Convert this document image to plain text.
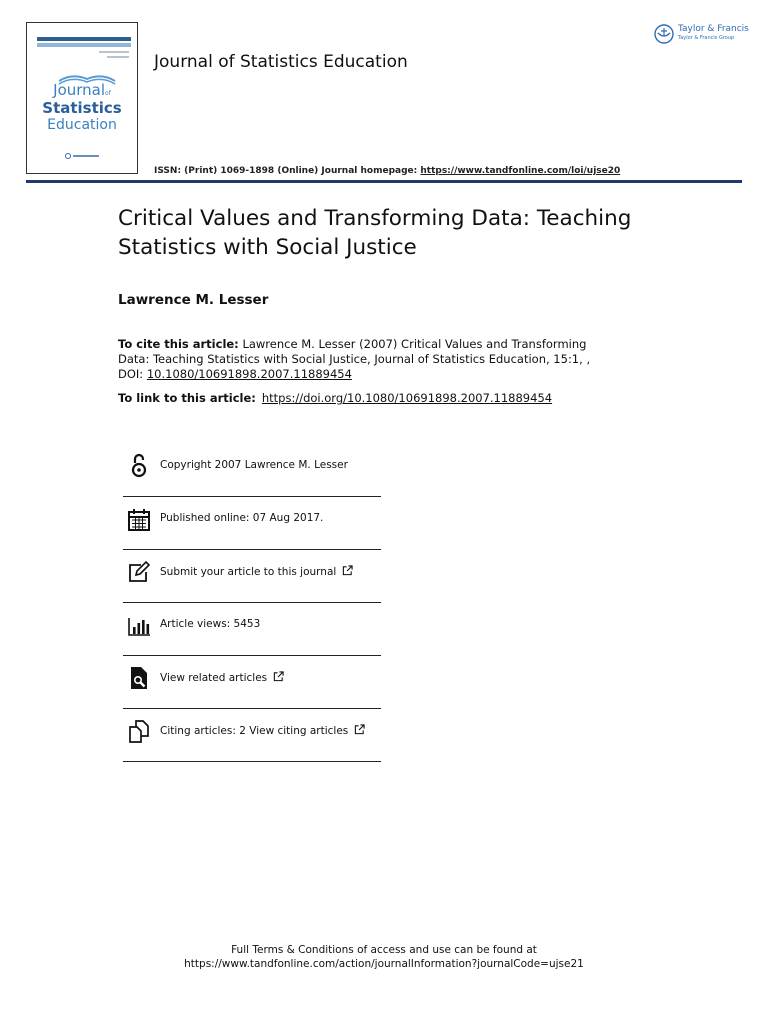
Journalof
Statistics
Education
Journal of Statistics Education
ISSN: (Print) 1069-1898 (Online) Journal homepage: https://www.tandfonline.com/loi/ujse20
Taylor & Francis
Taylor & Francis Group
Critical Values and Transforming Data: Teaching Statistics with Social Justice
Lawrence M. Lesser
To cite this article: Lawrence M. Lesser (2007) Critical Values and Transforming Data: Teaching Statistics with Social Justice, Journal of Statistics Education, 15:1, , DOI: 10.1080/10691898.2007.11889454
To link to this article: https://doi.org/10.1080/10691898.2007.11889454
Copyright 2007 Lawrence M. Lesser
Published online: 07 Aug 2017.
Submit your article to this journal
Article views: 5453
View related articles
Citing articles: 2 View citing articles
Full Terms & Conditions of access and use can be found at
https://www.tandfonline.com/action/journalInformation?journalCode=ujse21
